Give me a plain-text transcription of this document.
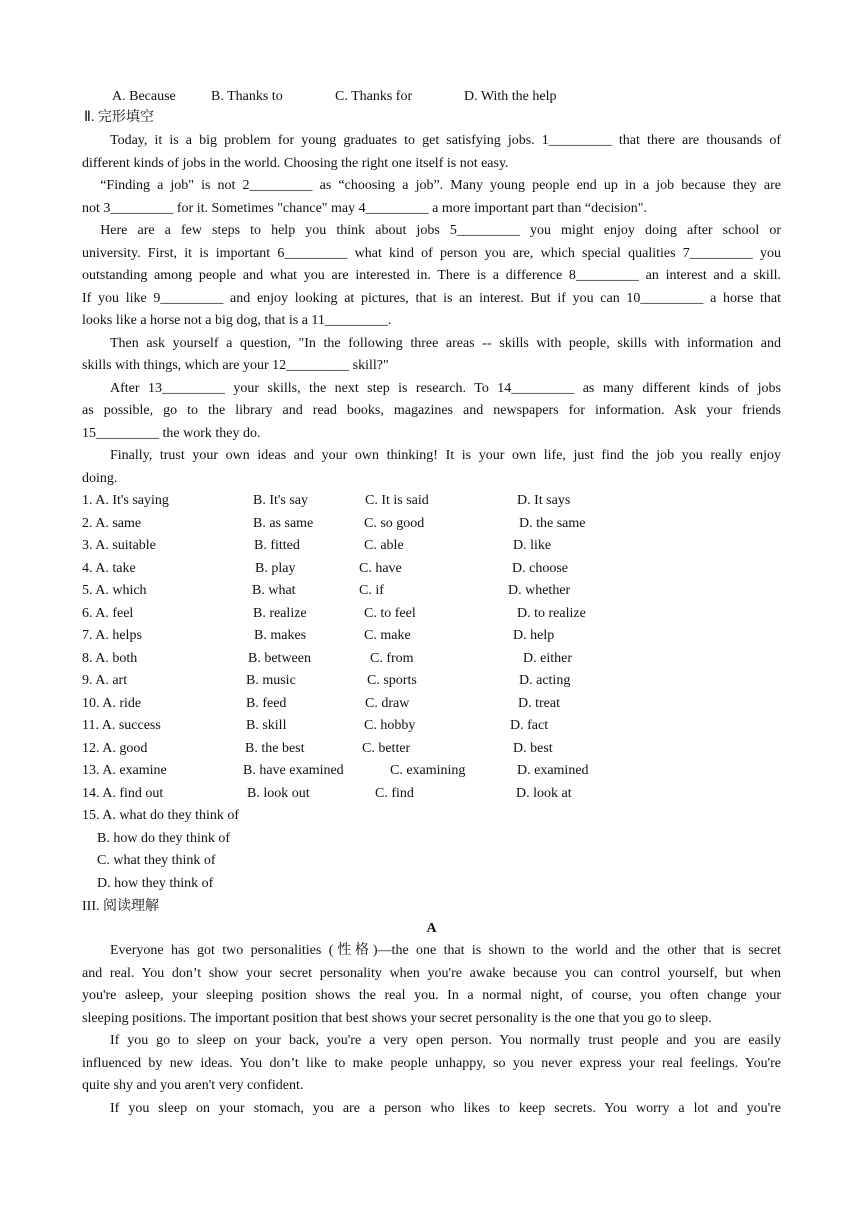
A. Because	B. Thanks to	C. Thanks for	D. With the help
Ⅱ. 完形填空
Today, it is a big problem for young graduates to get satisfying jobs. 1_________ that there are thousands of
different kinds of jobs in the world. Choosing the right one itself is not easy.
“Finding a job" is not 2_________ as “choosing a job”. Many young people end up in a job because they are
not 3_________ for it. Sometimes "chance" may 4_________ a more important part than “decision".
Here are a few steps to help you think about jobs 5_________ you might enjoy doing after school or
university. First, it is important 6_________ what kind of person you are, which special qualities 7_________ you
outstanding among people and what you are interested in. There is a difference 8_________ an interest and a skill.
If you like 9_________ and enjoy looking at pictures, that is an interest. But if you can 10_________ a horse that
looks like a horse not a big dog, that is a 11_________.
Then ask yourself a question, "In the following three areas -- skills with people, skills with information and
skills with things, which are your 12_________ skill?"
After 13_________ your skills, the next step is research. To 14_________ as many different kinds of jobs
as possible, go to the library and read books, magazines and newspapers for information. Ask your friends
15_________ the work they do.
Finally, trust your own ideas and your own thinking! It is your own life, just find the job you really enjoy
doing.
1. A. It's saying	B. It's say	C. It is said	D. It says
2. A. same	B. as same	C. so good	D. the same
3. A. suitable	B. fitted	C. able	D. like
4. A. take	B. play	C. have	D. choose
5. A. which	B. what	C. if	D. whether
6. A. feel	B. realize	C. to feel	D. to realize
7. A. helps	B. makes	C. make	D. help
8. A. both	B. between	C. from	D. either
9. A. art	B. music	C. sports	D. acting
10. A. ride	B. feed	C. draw	D. treat
11. A. success	B. skill	C. hobby	D. fact
12. A. good	B. the best	C. better	D. best
13. A. examine	B. have examined	C. examining	D. examined
14. A. find out	B. look out	C. find	D. look at
15. A. what do they think of
B. how do they think of
C. what they think of
D. how they think of
III. 阅读理解
A
Everyone has got two personalities (性格)—the one that is shown to the world and the other that is secret
and real. You don’t show your secret personality when you're awake because you can control yourself, but when
you're asleep, your sleeping position shows the real you. In a normal night, of course, you often change your
sleeping positions. The important position that best shows your secret personality is the one that you go to sleep.
If you go to sleep on your back, you're a very open person. You normally trust people and you are easily
influenced by new ideas. You don’t like to make people unhappy, so you never express your real feelings. You're
quite shy and you aren't very confident.
If you sleep on your stomach, you are a person who likes to keep secrets. You worry a lot and you're
